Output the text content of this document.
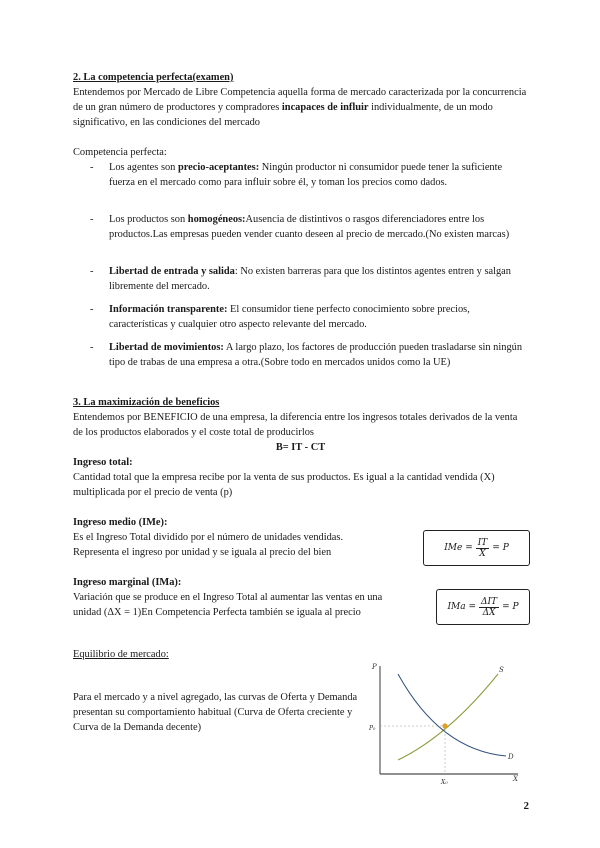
2. La competencia perfecta(examen)

Entendemos por Mercado de Libre Competencia aquella forma de mercado caracterizada por la concurrencia de un gran número de productores y compradores incapaces de influir individualmente, de un modo significativo, en las condiciones del mercado

Competencia perfecta:

-	Los agentes son precio-aceptantes: Ningún productor ni consumidor puede tener la suficiente fuerza en el mercado como para influir sobre él, y toman los precios como dados.
-	Los productos son homogéneos:Ausencia de distintivos o rasgos diferenciadores entre los productos.Las empresas pueden vender cuanto deseen al precio de mercado.(No existen marcas)
-	Libertad de entrada y salida: No existen barreras para que los distintos agentes entren y salgan libremente del mercado.
-	Información transparente: El consumidor tiene perfecto conocimiento sobre precios, características y cualquier otro aspecto relevante del mercado.
-	Libertad de movimientos: A largo plazo, los factores de producción pueden trasladarse sin ningún tipo de trabas de una empresa a otra.(Sobre todo en mercados unidos como la UE)

3. La maximización de beneficios

Entendemos por BENEFICIO de una empresa, la diferencia entre los ingresos totales derivados de la venta de los productos elaborados y el coste total de producirlos

B= IT - CT

Ingreso total:

Cantidad total que la empresa recibe por la venta de sus productos. Es igual a la cantidad vendida (X) multiplicada por el precio de venta (p)

Ingreso medio (IMe):

Es el Ingreso Total dividido por el número de unidades vendidas.

Representa el ingreso por unidad y se iguala al precio del bien	IMe = $\frac{IT}{X} = P$

Ingreso marginal (IMa):

Variación que se produce en el Ingreso Total al aumentar las ventas en una

unidad (ΔX = 1)En Competencia Perfecta también se iguala al precio

IMa = $\frac{\text{ΔIT}}{\Delta X} = P$

Equilibrio de mercado:

Para el mercado y a nivel agregado, las curvas de Oferta y Demanda presentan su comportamiento habitual (Curva de Oferta creciente y Curva de la Demanda decente)

P
X
S
D
P₀
X₀
2
